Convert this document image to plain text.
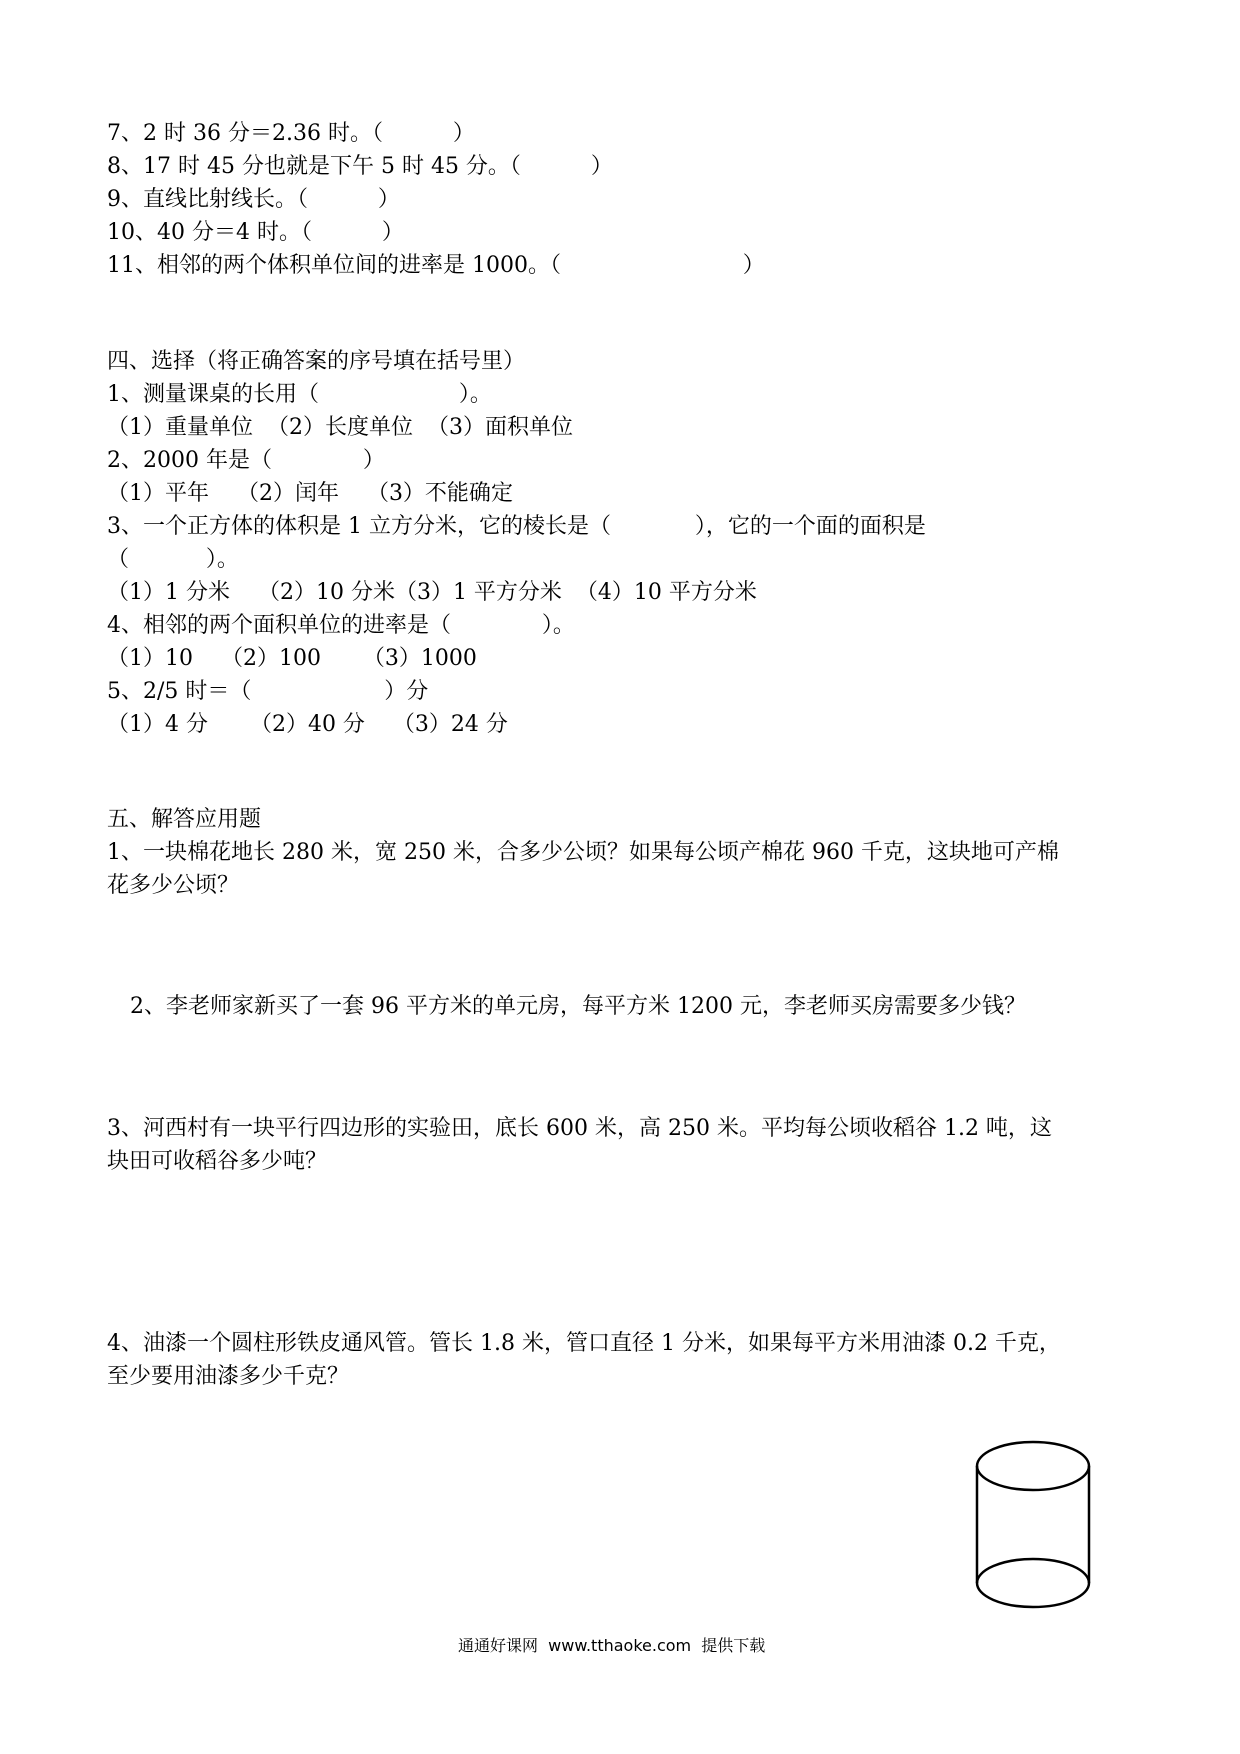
7、2 时 36 分＝2.36 时。（          ）
8、17 时 45 分也就是下午 5 时 45 分。（          ）
9、直线比射线长。（          ）
10、40 分＝4 时。（          ）
11、相邻的两个体积单位间的进率是 1000。（                          ）
四、选择（将正确答案的序号填在括号里）
1、测量课桌的长用（                    ）。
（1）重量单位  （2）长度单位  （3）面积单位
2、2000 年是（             ）
（1）平年    （2）闰年    （3）不能确定
3、一个正方体的体积是 1 立方分米，它的棱长是（            ），它的一个面的面积是
（           ）。
（1）1 分米    （2）10 分米（3）1 平方分米  （4）10 平方分米
4、相邻的两个面积单位的进率是（             ）。
（1）10    （2）100      （3）1000
5、2/5 时＝（                   ）分
（1）4 分      （2）40 分    （3）24 分
五、解答应用题
1、一块棉花地长 280 米，宽 250 米，合多少公顷？如果每公顷产棉花 960 千克，这块地可产棉
花多少公顷？
2、李老师家新买了一套 96 平方米的单元房，每平方米 1200 元，李老师买房需要多少钱？
3、河西村有一块平行四边形的实验田，底长 600 米，高 250 米。平均每公顷收稻谷 1.2 吨，这
块田可收稻谷多少吨？
4、油漆一个圆柱形铁皮通风管。管长 1.8 米，管口直径 1 分米，如果每平方米用油漆 0.2 千克，
至少要用油漆多少千克？
通通好课网  www.tthaoke.com  提供下载
